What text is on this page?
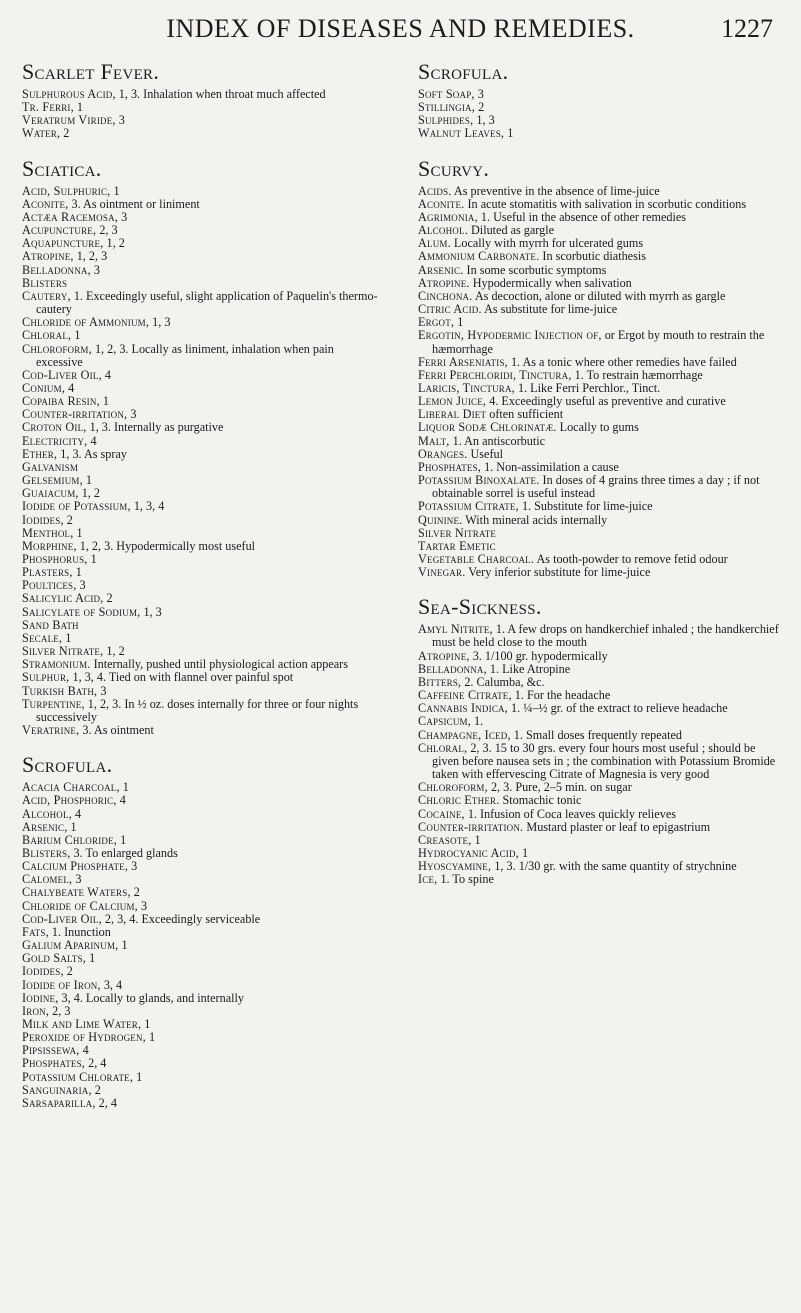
INDEX OF DISEASES AND REMEDIES.	1227
Scarlet Fever.
Sulphurous Acid, 1, 3. Inhalation when throat much affected
Tr. Ferri, 1
Veratrum Viride, 3
Water, 2
Sciatica.
Acid, Sulphuric, 1
Aconite, 3. As ointment or liniment
Actæa Racemosa, 3
Acupuncture, 2, 3
Aquapuncture, 1, 2
Atropine, 1, 2, 3
Belladonna, 3
Blisters
Cautery, 1. Exceedingly useful, slight application of Paquelin's thermo-cautery
Chloride of Ammonium, 1, 3
Chloral, 1
Chloroform, 1, 2, 3. Locally as liniment, inhalation when pain excessive
Cod-Liver Oil, 4
Conium, 4
Copaiba Resin, 1
Counter-irritation, 3
Croton Oil, 1, 3. Internally as purgative
Electricity, 4
Ether, 1, 3. As spray
Galvanism
Gelsemium, 1
Guaiacum, 1, 2
Iodide of Potassium, 1, 3, 4
Iodides, 2
Menthol, 1
Morphine, 1, 2, 3. Hypodermically most useful
Phosphorus, 1
Plasters, 1
Poultices, 3
Salicylic Acid, 2
Salicylate of Sodium, 1, 3
Sand Bath
Secale, 1
Silver Nitrate, 1, 2
Stramonium. Internally, pushed until physiological action appears
Sulphur, 1, 3, 4. Tied on with flannel over painful spot
Turkish Bath, 3
Turpentine, 1, 2, 3. In ½ oz. doses internally for three or four nights successively
Veratrine, 3. As ointment
Scrofula.
Acacia Charcoal, 1
Acid, Phosphoric, 4
Alcohol, 4
Arsenic, 1
Barium Chloride, 1
Blisters, 3. To enlarged glands
Calcium Phosphate, 3
Calomel, 3
Chalybeate Waters, 2
Chloride of Calcium, 3
Cod-Liver Oil, 2, 3, 4. Exceedingly serviceable
Fats, 1. Inunction
Galium Aparinum, 1
Gold Salts, 1
Iodides, 2
Iodide of Iron, 3, 4
Iodine, 3, 4. Locally to glands, and internally
Iron, 2, 3
Milk and Lime Water, 1
Peroxide of Hydrogen, 1
Pipsissewa, 4
Phosphates, 2, 4
Potassium Chlorate, 1
Sanguinaria, 2
Sarsaparilla, 2, 4
Scrofula.
Soft Soap, 3
Stillingia, 2
Sulphides, 1, 3
Walnut Leaves, 1
Scurvy.
Acids. As preventive in the absence of lime-juice
Aconite. In acute stomatitis with salivation in scorbutic conditions
Agrimonia, 1. Useful in the absence of other remedies
Alcohol. Diluted as gargle
Alum. Locally with myrrh for ulcerated gums
Ammonium Carbonate. In scorbutic diathesis
Arsenic. In some scorbutic symptoms
Atropine. Hypodermically when salivation
Cinchona. As decoction, alone or diluted with myrrh as gargle
Citric Acid. As substitute for lime-juice
Ergot, 1
Ergotin, Hypodermic Injection of, or Ergot by mouth to restrain the hæmorrhage
Ferri Arseniatis, 1. As a tonic where other remedies have failed
Ferri Perchloridi, Tinctura, 1. To restrain hæmorrhage
Laricis, Tinctura, 1. Like Ferri Perchlor., Tinct.
Lemon Juice, 4. Exceedingly useful as preventive and curative
Liberal Diet often sufficient
Liquor Sodæ Chlorinatæ. Locally to gums
Malt, 1. An antiscorbutic
Oranges. Useful
Phosphates, 1. Non-assimilation a cause
Potassium Binoxalate. In doses of 4 grains three times a day ; if not obtainable sorrel is useful instead
Potassium Citrate, 1. Substitute for lime-juice
Quinine. With mineral acids internally
Silver Nitrate
Tartar Emetic
Vegetable Charcoal. As tooth-powder to remove fetid odour
Vinegar. Very inferior substitute for lime-juice
Sea-Sickness.
Amyl Nitrite, 1. A few drops on handkerchief inhaled ; the handkerchief must be held close to the mouth
Atropine, 3. 1/100 gr. hypodermically
Belladonna, 1. Like Atropine
Bitters, 2. Calumba, &c.
Caffeine Citrate, 1. For the headache
Cannabis Indica, 1. ¼–½ gr. of the extract to relieve headache
Capsicum, 1.
Champagne, Iced, 1. Small doses frequently repeated
Chloral, 2, 3. 15 to 30 grs. every four hours most useful ; should be given before nausea sets in ; the combination with Potassium Bromide taken with effervescing Citrate of Magnesia is very good
Chloroform, 2, 3. Pure, 2–5 min. on sugar
Chloric Ether. Stomachic tonic
Cocaine, 1. Infusion of Coca leaves quickly relieves
Counter-irritation. Mustard plaster or leaf to epigastrium
Creasote, 1
Hydrocyanic Acid, 1
Hyoscyamine, 1, 3. 1/30 gr. with the same quantity of strychnine
Ice, 1. To spine
